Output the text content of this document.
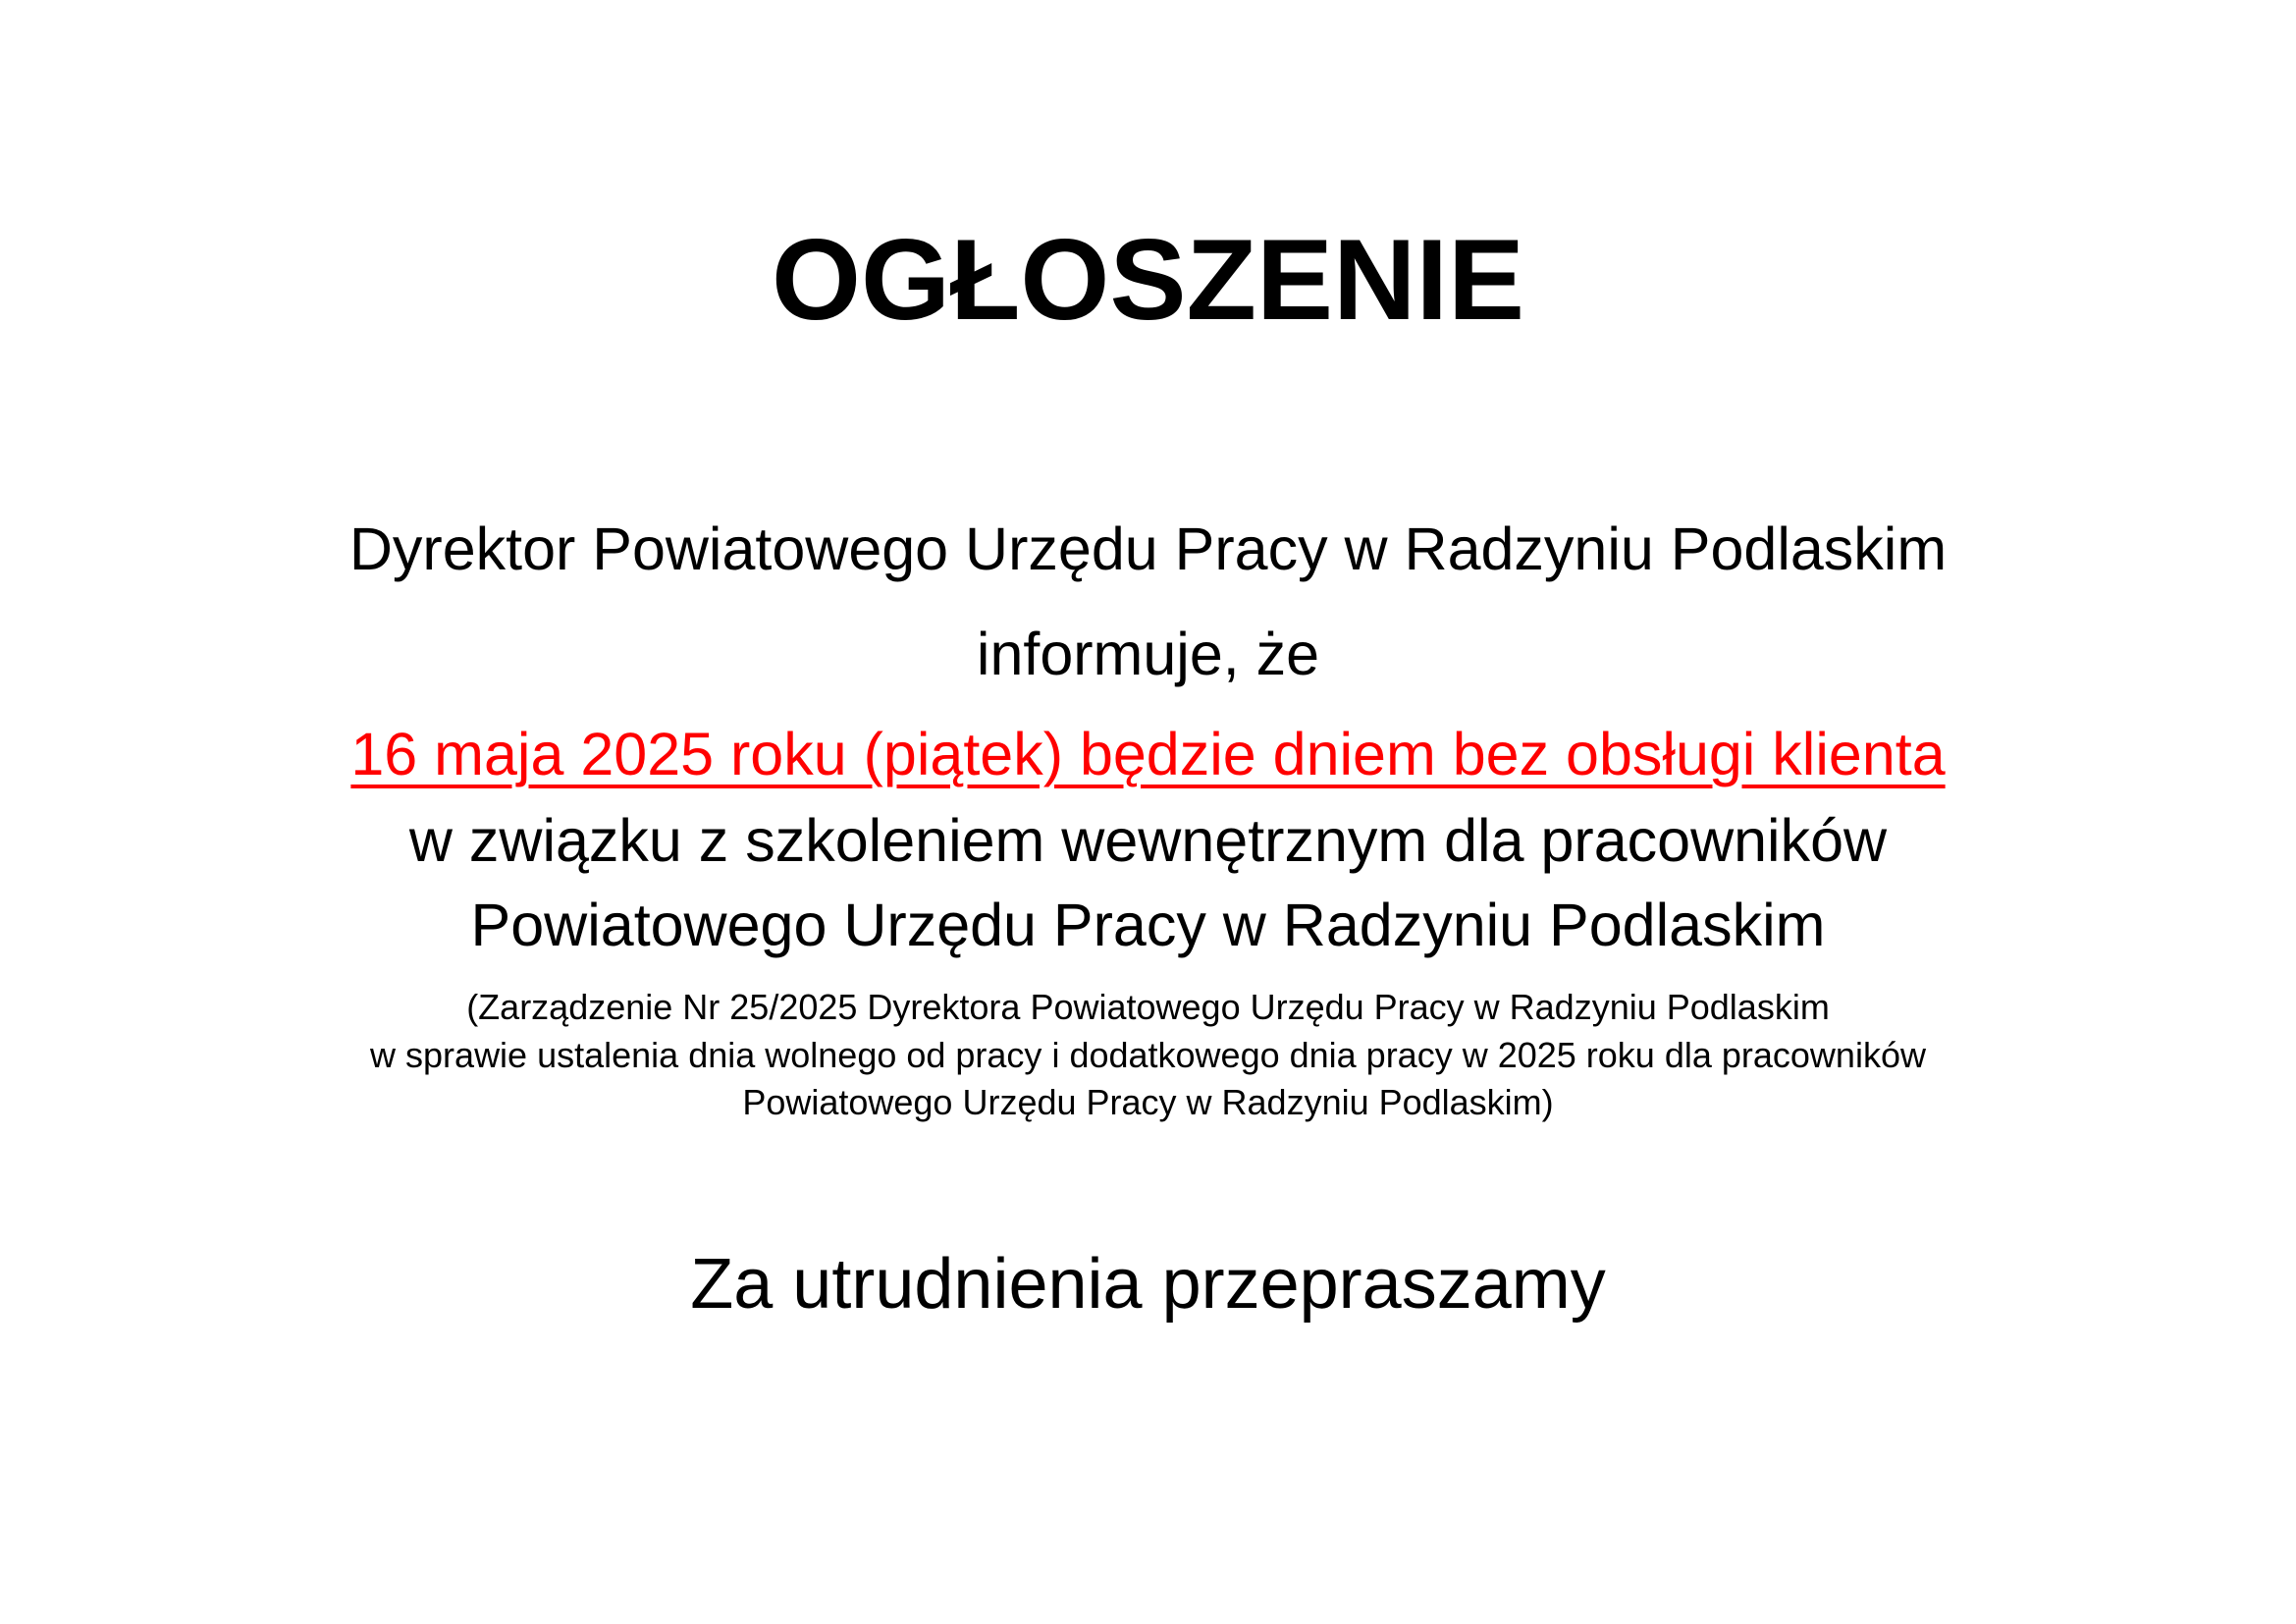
OGŁOSZENIE
Dyrektor Powiatowego Urzędu Pracy w Radzyniu Podlaskim
informuje, że
16 maja 2025 roku (piątek) będzie dniem bez obsługi klienta
w związku z szkoleniem wewnętrznym dla pracowników
Powiatowego Urzędu Pracy w Radzyniu Podlaskim
(Zarządzenie Nr 25/2025 Dyrektora Powiatowego Urzędu Pracy w Radzyniu Podlaskim
w sprawie ustalenia dnia wolnego od pracy i dodatkowego dnia pracy w 2025 roku dla pracowników
Powiatowego Urzędu Pracy w Radzyniu Podlaskim)
Za utrudnienia przepraszamy
